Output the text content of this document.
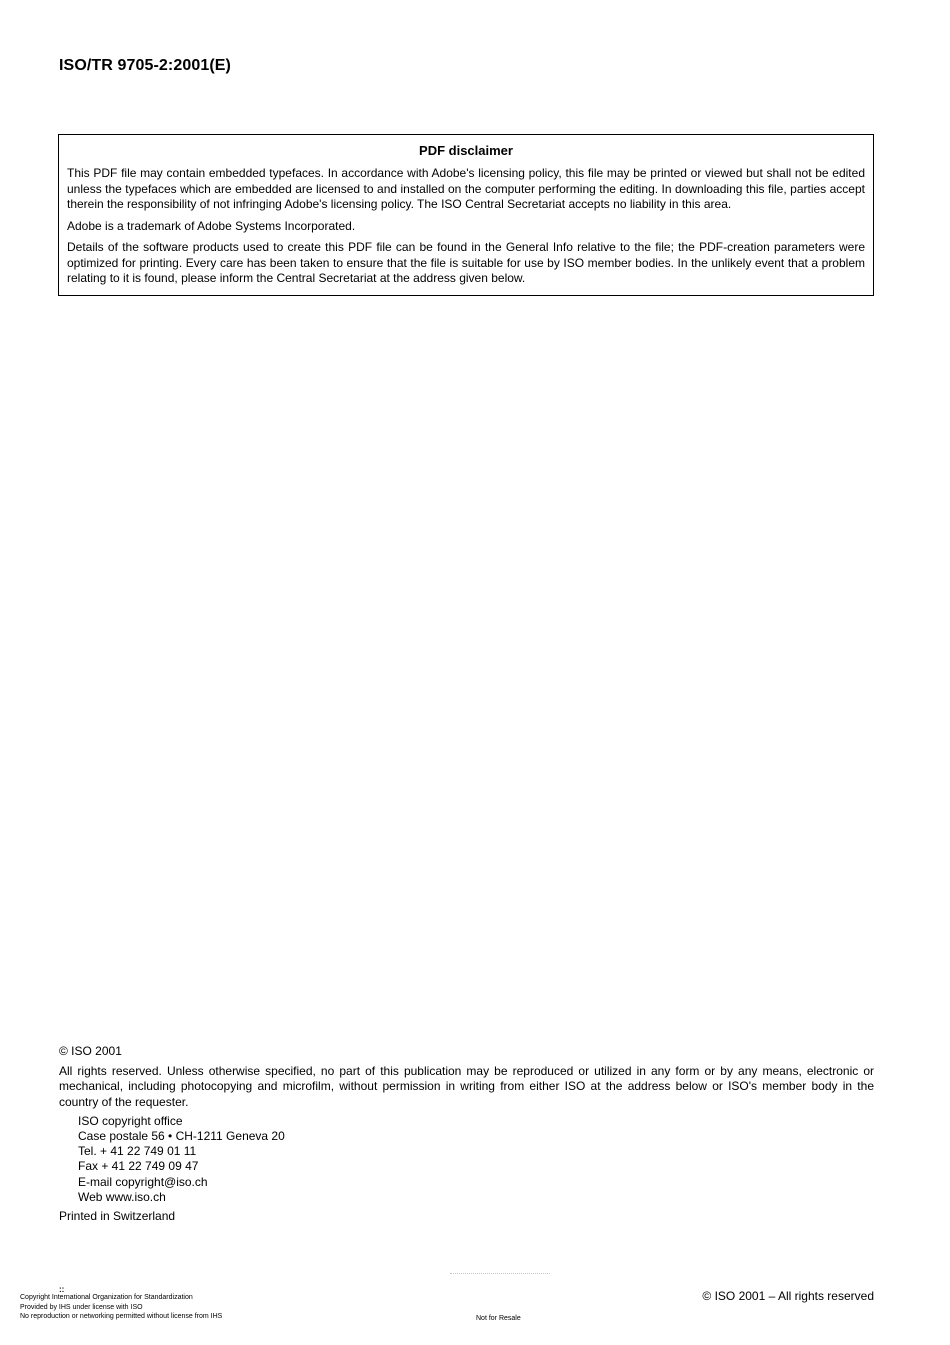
ISO/TR 9705-2:2001(E)
PDF disclaimer

This PDF file may contain embedded typefaces. In accordance with Adobe's licensing policy, this file may be printed or viewed but shall not be edited unless the typefaces which are embedded are licensed to and installed on the computer performing the editing. In downloading this file, parties accept therein the responsibility of not infringing Adobe's licensing policy. The ISO Central Secretariat accepts no liability in this area.

Adobe is a trademark of Adobe Systems Incorporated.

Details of the software products used to create this PDF file can be found in the General Info relative to the file; the PDF-creation parameters were optimized for printing. Every care has been taken to ensure that the file is suitable for use by ISO member bodies. In the unlikely event that a problem relating to it is found, please inform the Central Secretariat at the address given below.

© ISO 2001

All rights reserved. Unless otherwise specified, no part of this publication may be reproduced or utilized in any form or by any means, electronic or mechanical, including photocopying and microfilm, without permission in writing from either ISO at the address below or ISO's member body in the country of the requester.

ISO copyright office
Case postale 56 • CH-1211 Geneva 20
Tel. + 41 22 749 01 11
Fax + 41 22 749 09 47
E-mail copyright@iso.ch
Web www.iso.ch

Printed in Switzerland

::
Copyright International Organization for Standardization
Provided by IHS under license with ISO
No reproduction or networking permitted without license from IHS	Not for Resale
© ISO 2001 – All rights reserved
